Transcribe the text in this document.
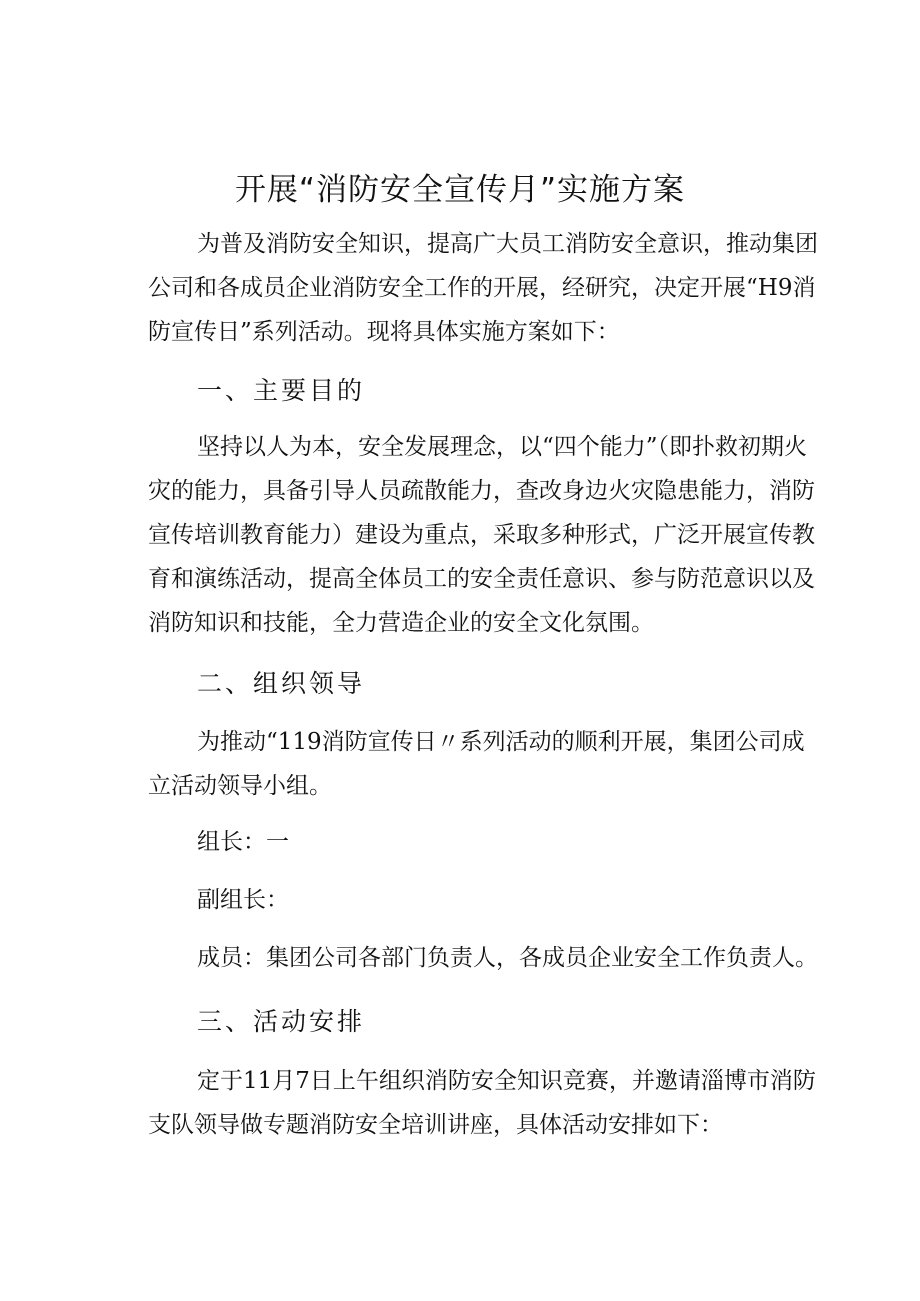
开展“消防安全宣传月”实施方案

为普及消防安全知识，提高广大员工消防安全意识，推动集团公司和各成员企业消防安全工作的开展，经研究，决定开展“H9消防宣传日”系列活动。现将具体实施方案如下：

一、主要目的

坚持以人为本，安全发展理念，以“四个能力”（即扑救初期火灾的能力，具备引导人员疏散能力，查改身边火灾隐患能力，消防宣传培训教育能力）建设为重点，采取多种形式，广泛开展宣传教育和演练活动，提高全体员工的安全责任意识、参与防范意识以及消防知识和技能，全力营造企业的安全文化氛围。

二、组织领导

为推动“119消防宣传日〃系列活动的顺利开展，集团公司成立活动领导小组。

组长：一

副组长：

成员：集团公司各部门负责人，各成员企业安全工作负责人。

三、活动安排

定于11月7日上午组织消防安全知识竞赛，并邀请淄博市消防支队领导做专题消防安全培训讲座，具体活动安排如下：
